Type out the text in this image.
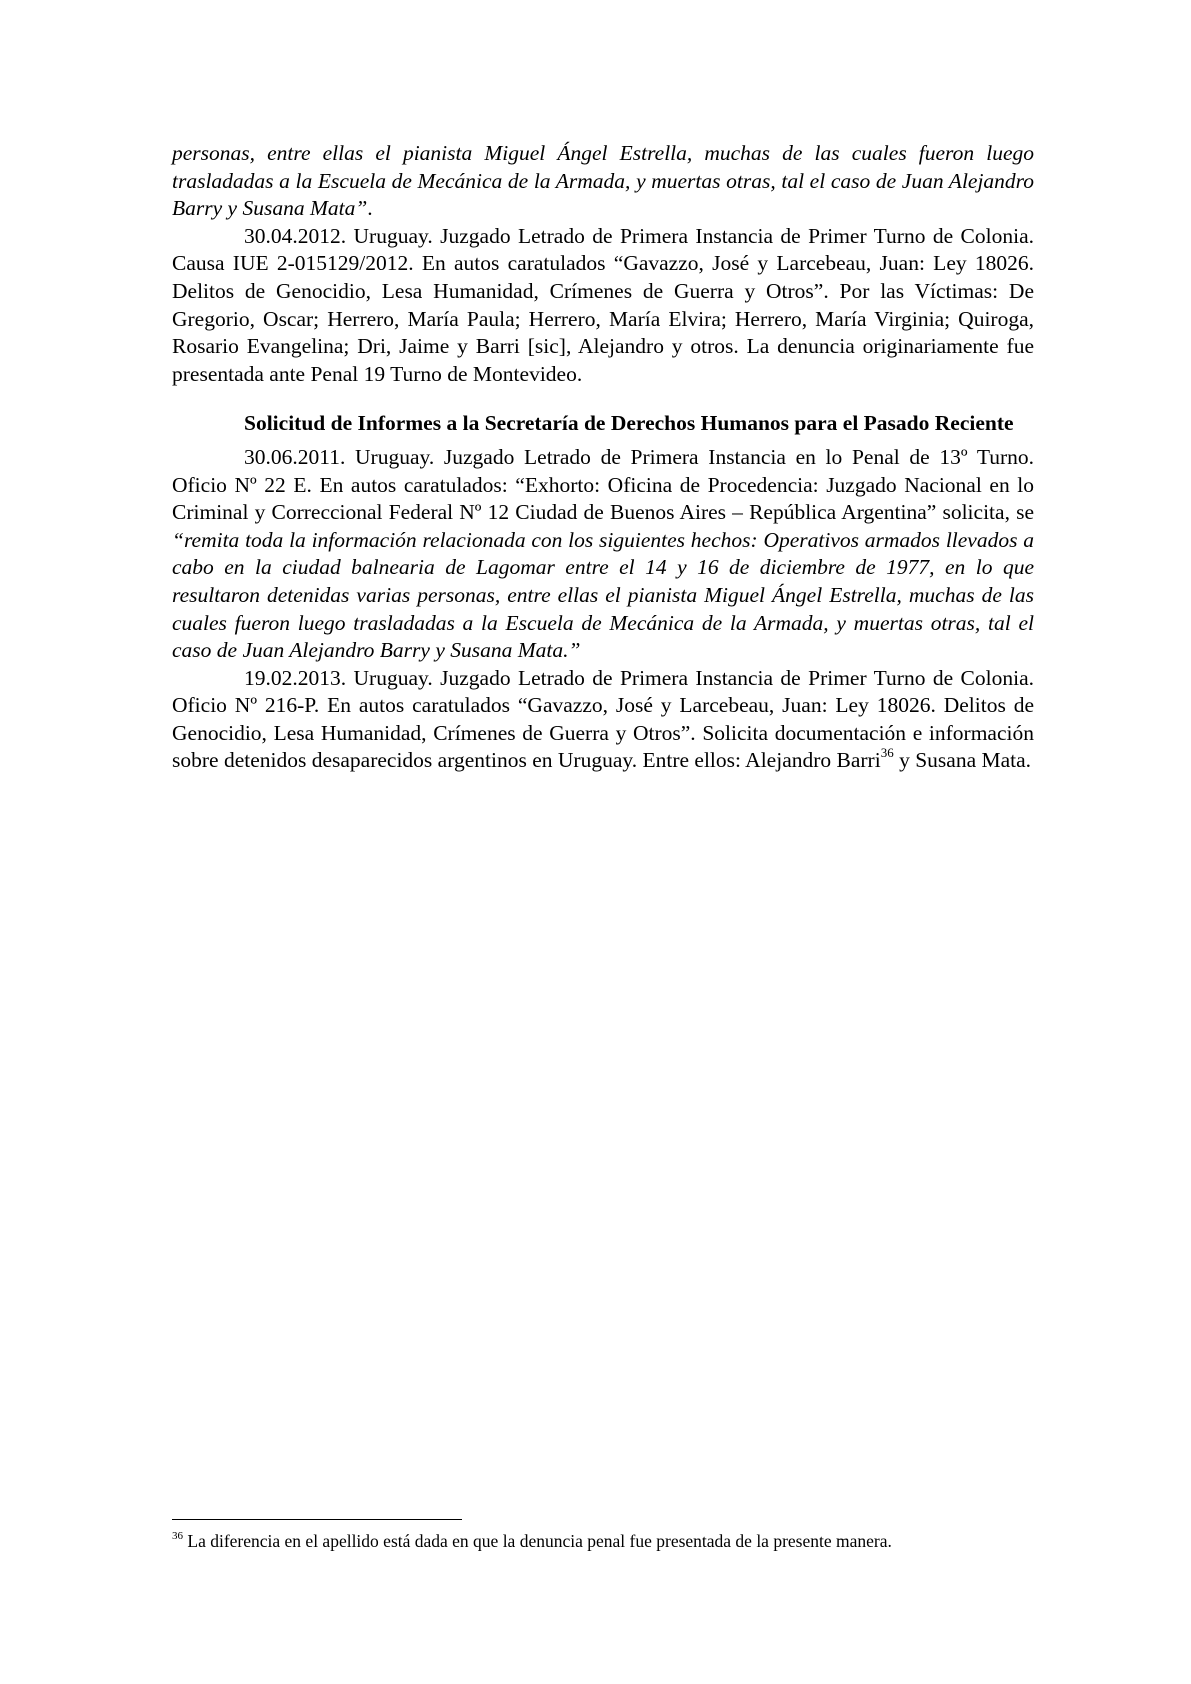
personas, entre ellas el pianista Miguel Ángel Estrella, muchas de las cuales fueron luego trasladadas a la Escuela de Mecánica de la Armada, y muertas otras, tal el caso de Juan Alejandro Barry y Susana Mata”.

30.04.2012. Uruguay. Juzgado Letrado de Primera Instancia de Primer Turno de Colonia. Causa IUE 2-015129/2012. En autos caratulados “Gavazzo, José y Larcebeau, Juan: Ley 18026. Delitos de Genocidio, Lesa Humanidad, Crímenes de Guerra y Otros”. Por las Víctimas: De Gregorio, Oscar; Herrero, María Paula; Herrero, María Elvira; Herrero, María Virginia; Quiroga, Rosario Evangelina; Dri, Jaime y Barri [sic], Alejandro y otros. La denuncia originariamente fue presentada ante Penal 19 Turno de Montevideo.

Solicitud de Informes a la Secretaría de Derechos Humanos para el Pasado Reciente

30.06.2011. Uruguay. Juzgado Letrado de Primera Instancia en lo Penal de 13º Turno. Oficio Nº 22 E. En autos caratulados: “Exhorto: Oficina de Procedencia: Juzgado Nacional en lo Criminal y Correccional Federal Nº 12 Ciudad de Buenos Aires – República Argentina” solicita, se “remita toda la información relacionada con los siguientes hechos: Operativos armados llevados a cabo en la ciudad balnearia de Lagomar entre el 14 y 16 de diciembre de 1977, en lo que resultaron detenidas varias personas, entre ellas el pianista Miguel Ángel Estrella, muchas de las cuales fueron luego trasladadas a la Escuela de Mecánica de la Armada, y muertas otras, tal el caso de Juan Alejandro Barry y Susana Mata.”

19.02.2013. Uruguay. Juzgado Letrado de Primera Instancia de Primer Turno de Colonia. Oficio Nº 216-P. En autos caratulados “Gavazzo, José y Larcebeau, Juan: Ley 18026. Delitos de Genocidio, Lesa Humanidad, Crímenes de Guerra y Otros”. Solicita documentación e información sobre detenidos desaparecidos argentinos en Uruguay. Entre ellos: Alejandro Barri$^{36}$ y Susana Mata.

$^{36}$ La diferencia en el apellido está dada en que la denuncia penal fue presentada de la presente manera.
